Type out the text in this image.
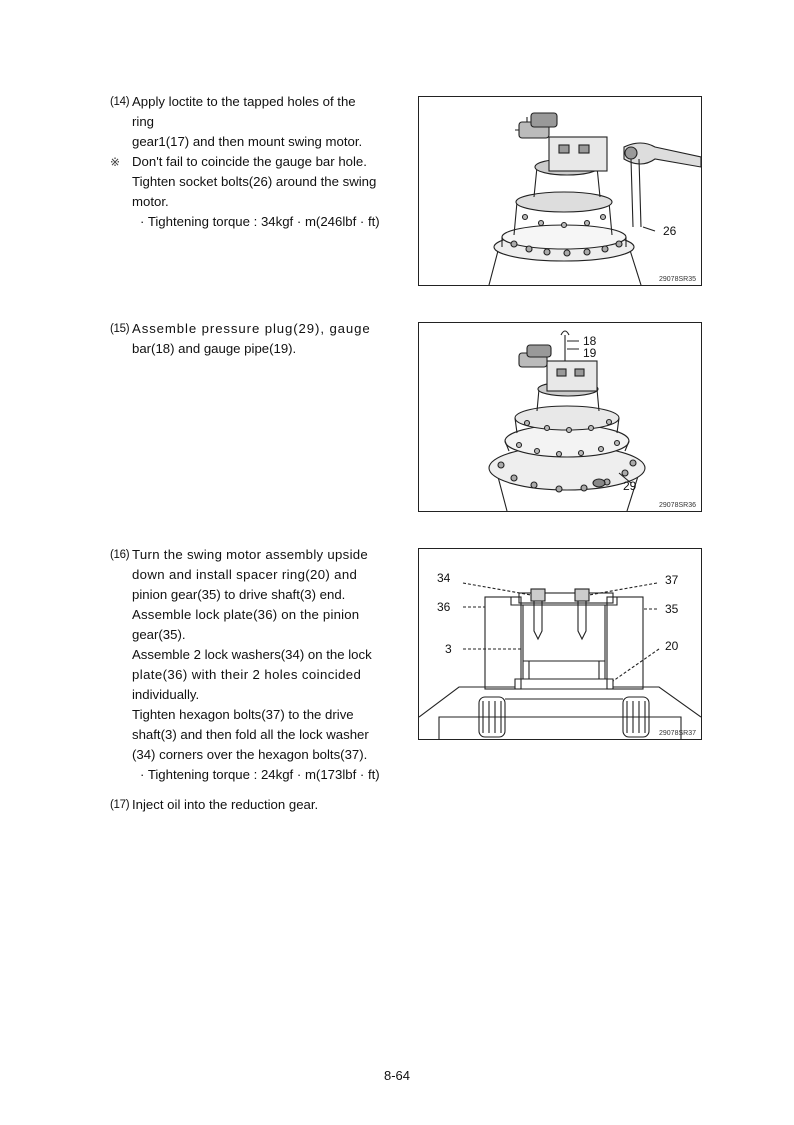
(14) Apply loctite to the tapped holes of the ring
gear1(17) and then mount swing motor.
※ Don't fail to coincide the gauge bar hole.
Tighten socket bolts(26) around the swing
motor.
· Tightening torque : 34kgf · m(246lbf · ft)
26
29078SR35
(15) Assemble pressure plug(29), gauge
bar(18) and gauge pipe(19).	18
19
29
29078SR36
(16) Turn the swing motor assembly upside
down and install spacer ring(20) and
pinion gear(35) to drive shaft(3) end.
Assemble lock plate(36) on the pinion
gear(35).
Assemble 2 lock washers(34) on the lock
plate(36) with their 2 holes coincided
individually.
Tighten hexagon bolts(37) to the drive
shaft(3) and then fold all the lock washer
(34) corners over the hexagon bolts(37).
· Tightening torque : 24kgf · m(173lbf · ft)
34	37
36	35
3	20
29078SR37
(17) Inject oil into the reduction gear.
8-64
